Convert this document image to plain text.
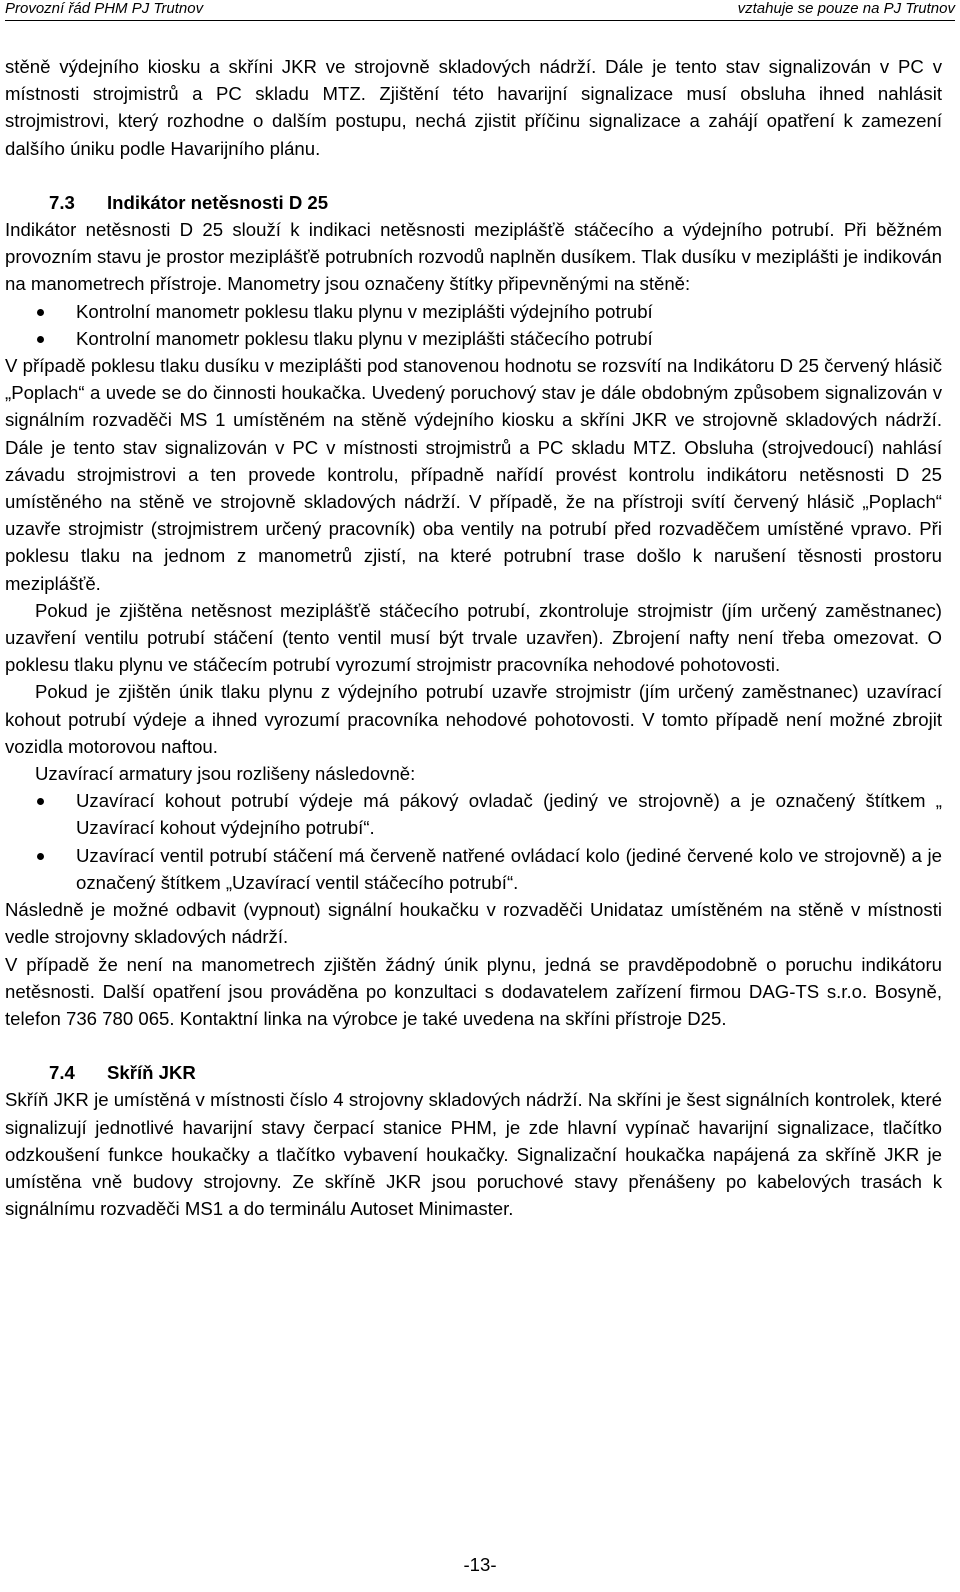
Provozní řád PHM PJ Trutnov	vztahuje se pouze na PJ Trutnov

stěně výdejního kiosku a skříni JKR ve strojovně skladových nádrží. Dále je tento stav signalizován v PC v místnosti strojmistrů a PC skladu MTZ. Zjištění této havarijní signalizace musí obsluha ihned nahlásit strojmistrovi, který rozhodne o dalším postupu, nechá zjistit příčinu signalizace a zahájí opatření k zamezení dalšího úniku podle Havarijního plánu.

7.3 Indikátor netěsnosti D 25

Indikátor netěsnosti D 25 slouží k indikaci netěsnosti meziplášťě stáčecího a výdejního potrubí. Při běžném provozním stavu je prostor meziplášťě potrubních rozvodů naplněn dusíkem. Tlak dusíku v meziplášti je indikován na manometrech přístroje. Manometry jsou označeny štítky připevněnými na stěně:

Kontrolní manometr poklesu tlaku plynu v meziplášti výdejního potrubí
Kontrolní manometr poklesu tlaku plynu v meziplášti stáčecího potrubí

V případě poklesu tlaku dusíku v meziplášti pod stanovenou hodnotu se rozsvítí na Indikátoru D 25 červený hlásič „Poplach“ a uvede se do činnosti houkačka. Uvedený poruchový stav je dále obdobným způsobem signalizován v signálním rozvaděči MS 1 umístěném na stěně výdejního kiosku a skříni JKR ve strojovně skladových nádrží. Dále je tento stav signalizován v PC v místnosti strojmistrů a PC skladu MTZ. Obsluha (strojvedoucí) nahlásí závadu strojmistrovi a ten provede kontrolu, případně nařídí provést kontrolu indikátoru netěsnosti D 25 umístěného na stěně ve strojovně skladových nádrží. V případě, že na přístroji svítí červený hlásič „Poplach“ uzavře strojmistr (strojmistrem určený pracovník) oba ventily na potrubí před rozvaděčem umístěné vpravo. Při poklesu tlaku na jednom z manometrů zjistí, na které potrubní trase došlo k narušení těsnosti prostoru meziplášťě.

Pokud je zjištěna netěsnost meziplášťě stáčecího potrubí, zkontroluje strojmistr (jím určený zaměstnanec) uzavření ventilu potrubí stáčení (tento ventil musí být trvale uzavřen). Zbrojení nafty není třeba omezovat. O poklesu tlaku plynu ve stáčecím potrubí vyrozumí strojmistr pracovníka nehodové pohotovosti.

Pokud je zjištěn únik tlaku plynu z výdejního potrubí uzavře strojmistr (jím určený zaměstnanec) uzavírací kohout potrubí výdeje a ihned vyrozumí pracovníka nehodové pohotovosti. V tomto případě není možné zbrojit vozidla motorovou naftou.

Uzavírací armatury jsou rozlišeny následovně:

Uzavírací kohout potrubí výdeje má pákový ovladač (jediný ve strojovně) a je označený štítkem „ Uzavírací kohout výdejního potrubí“.
Uzavírací ventil potrubí stáčení má červeně natřené ovládací kolo (jediné červené kolo ve strojovně) a je označený štítkem „Uzavírací ventil stáčecího potrubí“.

Následně je možné odbavit (vypnout) signální houkačku v rozvaděči Unidataz umístěném na stěně v místnosti vedle strojovny skladových nádrží.

V případě že není na manometrech zjištěn žádný únik plynu, jedná se pravděpodobně o poruchu indikátoru netěsnosti. Další opatření jsou prováděna po konzultaci s dodavatelem zařízení firmou DAG-TS s.r.o. Bosyně, telefon 736 780 065. Kontaktní linka na výrobce je také uvedena na skříni přístroje D25.

7.4 Skříň JKR

Skříň JKR je umístěná v místnosti číslo 4 strojovny skladových nádrží. Na skříni je šest signálních kontrolek, které signalizují jednotlivé havarijní stavy čerpací stanice PHM, je zde hlavní vypínač havarijní signalizace, tlačítko odzkoušení funkce houkačky a tlačítko vybavení houkačky. Signalizační houkačka napájená za skříně JKR je umístěna vně budovy strojovny. Ze skříně JKR jsou poruchové stavy přenášeny po kabelových trasách k signálnímu rozvaděči MS1 a do terminálu Autoset Minimaster.

-13-
